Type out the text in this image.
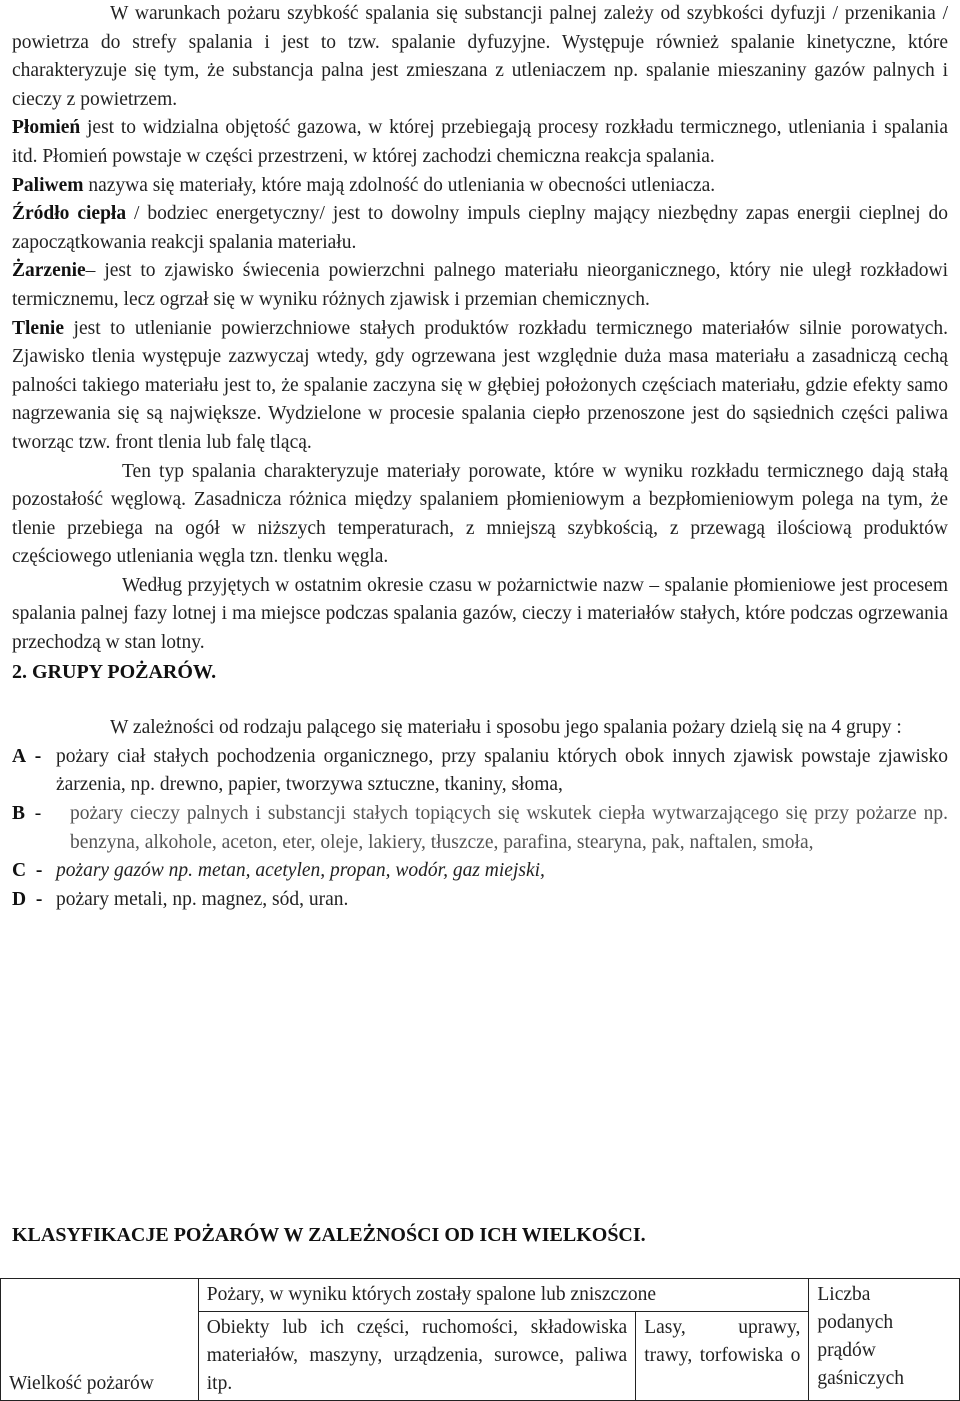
W warunkach pożaru szybkość spalania się substancji palnej zależy od szybkości dyfuzji / przenikania / powietrza do strefy spalania i jest to tzw. spalanie dyfuzyjne. Występuje również spalanie kinetyczne, które charakteryzuje się tym, że substancja palna jest zmieszana z utleniaczem np. spalanie mieszaniny gazów palnych i cieczy z powietrzem.

Płomień jest to widzialna objętość gazowa, w której przebiegają procesy rozkładu termicznego, utleniania i spalania itd. Płomień powstaje w części przestrzeni, w której zachodzi chemiczna reakcja spalania.

Paliwem nazywa się materiały, które mają zdolność do utleniania w obecności utleniacza.

Źródło ciepła / bodziec energetyczny/ jest to dowolny impuls cieplny mający niezbędny zapas energii cieplnej do zapoczątkowania reakcji spalania materiału.

Żarzenie– jest to zjawisko świecenia powierzchni palnego materiału nieorganicznego, który nie uległ rozkładowi termicznemu, lecz ogrzał się w wyniku różnych zjawisk i przemian chemicznych.

Tlenie jest to utlenianie powierzchniowe stałych produktów rozkładu termicznego materiałów silnie porowatych. Zjawisko tlenia występuje zazwyczaj wtedy, gdy ogrzewana jest względnie duża masa materiału a zasadniczą cechą palności takiego materiału jest to, że spalanie zaczyna się w głębiej położonych częściach materiału, gdzie efekty samo nagrzewania się są największe. Wydzielone w procesie spalania ciepło przenoszone jest do sąsiednich części paliwa tworząc tzw. front tlenia lub falę tlącą.

Ten typ spalania charakteryzuje materiały porowate, które w wyniku rozkładu termicznego dają stałą pozostałość węglową. Zasadnicza różnica między spalaniem płomieniowym a bezpłomieniowym polega na tym, że tlenie przebiega na ogół w niższych temperaturach, z mniejszą szybkością, z przewagą ilościową produktów częściowego utleniania węgla tzn. tlenku węgla.

Według przyjętych w ostatnim okresie czasu w pożarnictwie nazw – spalanie płomieniowe jest procesem spalania palnej fazy lotnej i ma miejsce podczas spalania gazów, cieczy i materiałów stałych, które podczas ogrzewania przechodzą w stan lotny.

2. GRUPY POŻARÓW.

W zależności od rodzaju palącego się materiału i sposobu jego spalania pożary dzielą się na 4 grupy :

A - pożary ciał stałych pochodzenia organicznego, przy spalaniu których obok innych zjawisk powstaje zjawisko żarzenia, np. drewno, papier, tworzywa sztuczne, tkaniny, słoma,

B -	pożary cieczy palnych i substancji stałych topiących się wskutek ciepła wytwarzającego się przy pożarze np. benzyna, alkohole, aceton, eter, oleje, lakiery, tłuszcze, parafina, stearyna, pak, naftalen, smoła,

C - pożary gazów np. metan, acetylen, propan, wodór, gaz miejski,

D - pożary metali, np. magnez, sód, uran.

KLASYFIKACJE POŻARÓW W ZALEŻNOŚCI OD ICH WIELKOŚCI.

Wielkość pożarów	Pożary, w wyniku których zostały spalone lub zniszczone		Liczba podanych prądów gaśniczych
	Obiekty lub ich części, ruchomości, składowiska materiałów, maszyny, urządzenia, surowce, paliwa itp.	Lasy, uprawy, trawy, torfowiska o	
